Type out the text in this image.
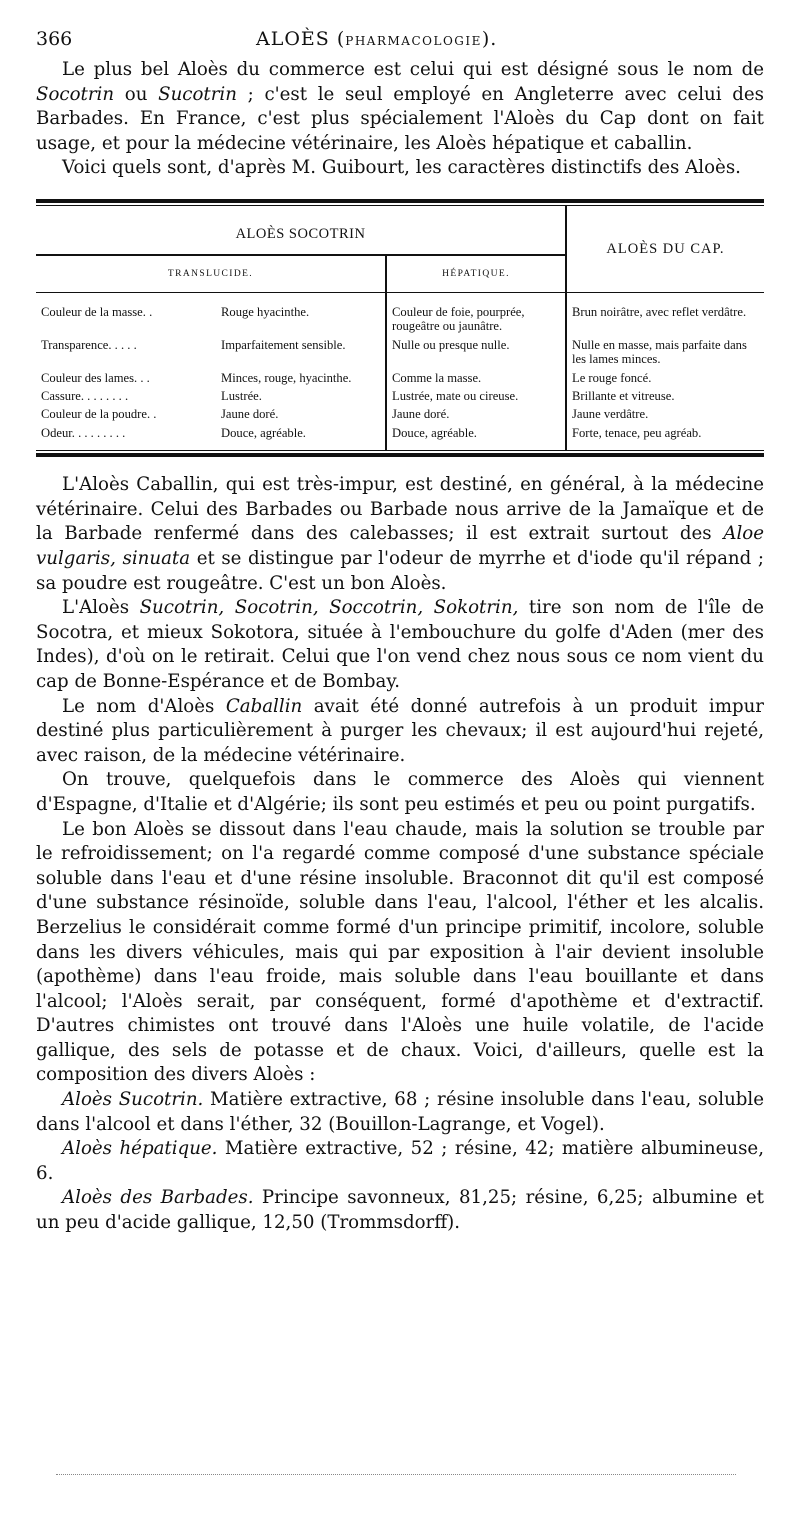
366	ALOÈS (PHARMACOLOGIE).

Le plus bel Aloès du commerce est celui qui est désigné sous le nom de Socotrin ou Sucotrin ; c'est le seul employé en Angleterre avec celui des Barbades. En France, c'est plus spécialement l'Aloès du Cap dont on fait usage, et pour la médecine vétérinaire, les Aloès hépatique et caballin.

Voici quels sont, d'après M. Guibourt, les caractères distinctifs des Aloès.

ALOÈS SOCOTRIN			ALOÈS DU CAP.
TRANSLUCIDE.		HÉPATIQUE.	

Couleur de la masse. .	Rouge hyacinthe.	Couleur de foie, pourprée, rougeâtre ou jaunâtre.	Brun noirâtre, avec reflet verdâtre.
Transparence. . . . .	Imparfaitement sensible.	Nulle ou presque nulle.	Nulle en masse, mais parfaite dans les lames minces.
Couleur des lames. . .	Minces, rouge, hyacinthe.	Comme la masse.	Le rouge foncé.
Cassure. . . . . . . .	Lustrée.	Lustrée, mate ou cireuse.	Brillante et vitreuse.
Couleur de la poudre. .	Jaune doré.	Jaune doré.	Jaune verdâtre.
Odeur. . . . . . . . .	Douce, agréable.	Douce, agréable.	Forte, tenace, peu agréab.

L'Aloès Caballin, qui est très-impur, est destiné, en général, à la médecine vétérinaire. Celui des Barbades ou Barbade nous arrive de la Jamaïque et de la Barbade renfermé dans des calebasses; il est extrait surtout des Aloe vulgaris, sinuata et se distingue par l'odeur de myrrhe et d'iode qu'il répand ; sa poudre est rougeâtre. C'est un bon Aloès.

L'Aloès Sucotrin, Socotrin, Soccotrin, Sokotrin, tire son nom de l'île de Socotra, et mieux Sokotora, située à l'embouchure du golfe d'Aden (mer des Indes), d'où on le retirait. Celui que l'on vend chez nous sous ce nom vient du cap de Bonne-Espérance et de Bombay.

Le nom d'Aloès Caballin avait été donné autrefois à un produit impur destiné plus particulièrement à purger les chevaux; il est aujourd'hui rejeté, avec raison, de la médecine vétérinaire.

On trouve, quelquefois dans le commerce des Aloès qui viennent d'Espagne, d'Italie et d'Algérie; ils sont peu estimés et peu ou point purgatifs.

Le bon Aloès se dissout dans l'eau chaude, mais la solution se trouble par le refroidissement; on l'a regardé comme composé d'une substance spéciale soluble dans l'eau et d'une résine insoluble. Braconnot dit qu'il est composé d'une substance résinoïde, soluble dans l'eau, l'alcool, l'éther et les alcalis. Berzelius le considérait comme formé d'un principe primitif, incolore, soluble dans les divers véhicules, mais qui par exposition à l'air devient insoluble (apothème) dans l'eau froide, mais soluble dans l'eau bouillante et dans l'alcool; l'Aloès serait, par conséquent, formé d'apothème et d'extractif. D'autres chimistes ont trouvé dans l'Aloès une huile volatile, de l'acide gallique, des sels de potasse et de chaux. Voici, d'ailleurs, quelle est la composition des divers Aloès :

Aloès Sucotrin. Matière extractive, 68 ; résine insoluble dans l'eau, soluble dans l'alcool et dans l'éther, 32 (Bouillon-Lagrange, et Vogel).

Aloès hépatique. Matière extractive, 52 ; résine, 42; matière albumineuse, 6.

Aloès des Barbades. Principe savonneux, 81,25; résine, 6,25; albumine et un peu d'acide gallique, 12,50 (Trommsdorff).
